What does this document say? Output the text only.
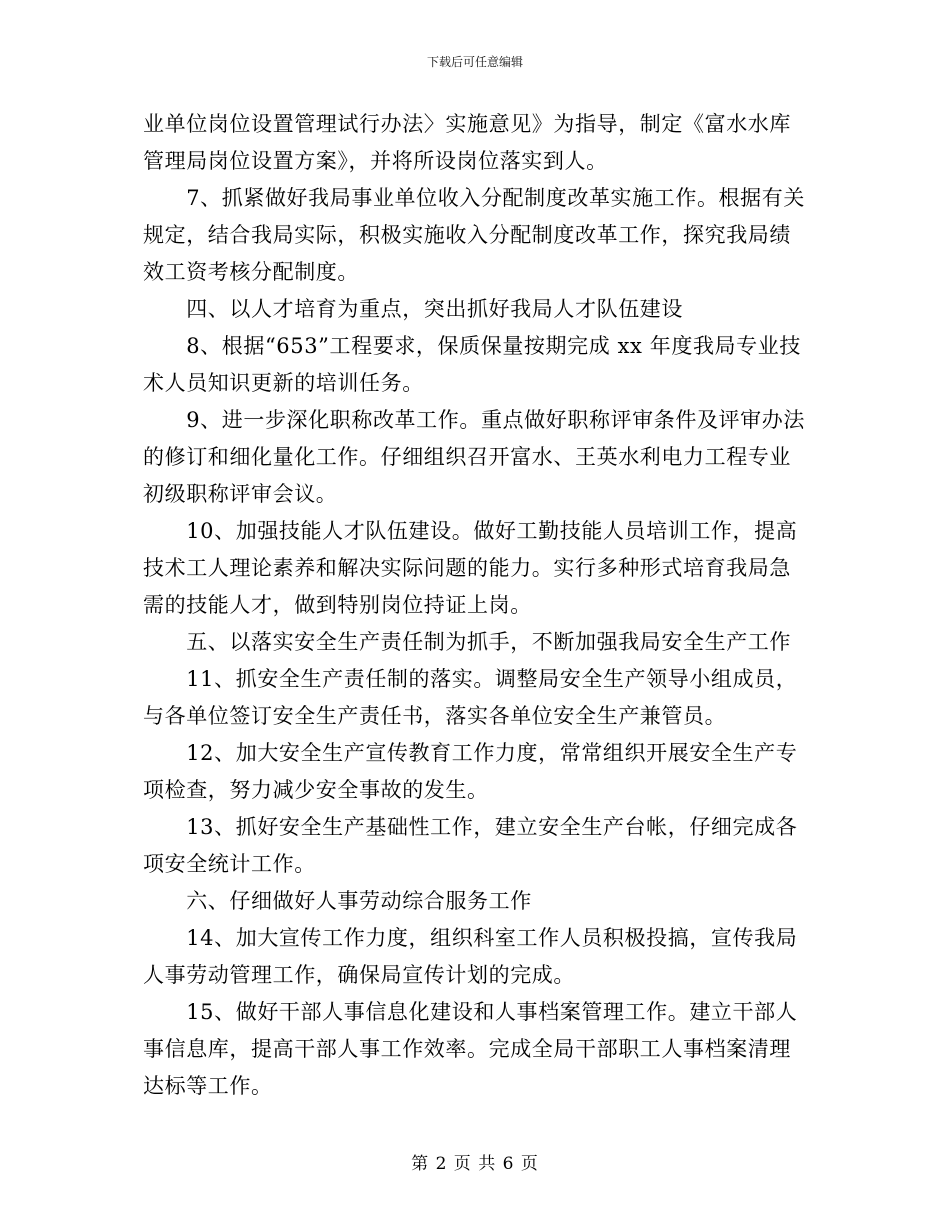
下载后可任意编辑

业单位岗位设置管理试行办法〉实施意见》为指导，制定《富水水库
管理局岗位设置方案》，并将所设岗位落实到人。

　　7、抓紧做好我局事业单位收入分配制度改革实施工作。根据有关
规定，结合我局实际，积极实施收入分配制度改革工作，探究我局绩
效工资考核分配制度。

　　四、以人才培育为重点，突出抓好我局人才队伍建设

　　8、根据“653”工程要求，保质保量按期完成 xx 年度我局专业技
术人员知识更新的培训任务。

　　9、进一步深化职称改革工作。重点做好职称评审条件及评审办法
的修订和细化量化工作。仔细组织召开富水、王英水利电力工程专业
初级职称评审会议。

　　10、加强技能人才队伍建设。做好工勤技能人员培训工作，提高
技术工人理论素养和解决实际问题的能力。实行多种形式培育我局急
需的技能人才，做到特别岗位持证上岗。

　　五、以落实安全生产责任制为抓手，不断加强我局安全生产工作

　　11、抓安全生产责任制的落实。调整局安全生产领导小组成员，
与各单位签订安全生产责任书，落实各单位安全生产兼管员。

　　12、加大安全生产宣传教育工作力度，常常组织开展安全生产专
项检查，努力减少安全事故的发生。

　　13、抓好安全生产基础性工作，建立安全生产台帐，仔细完成各
项安全统计工作。

　　六、仔细做好人事劳动综合服务工作

　　14、加大宣传工作力度，组织科室工作人员积极投搞，宣传我局
人事劳动管理工作，确保局宣传计划的完成。

　　15、做好干部人事信息化建设和人事档案管理工作。建立干部人
事信息库，提高干部人事工作效率。完成全局干部职工人事档案清理
达标等工作。

第 2 页 共 6 页
